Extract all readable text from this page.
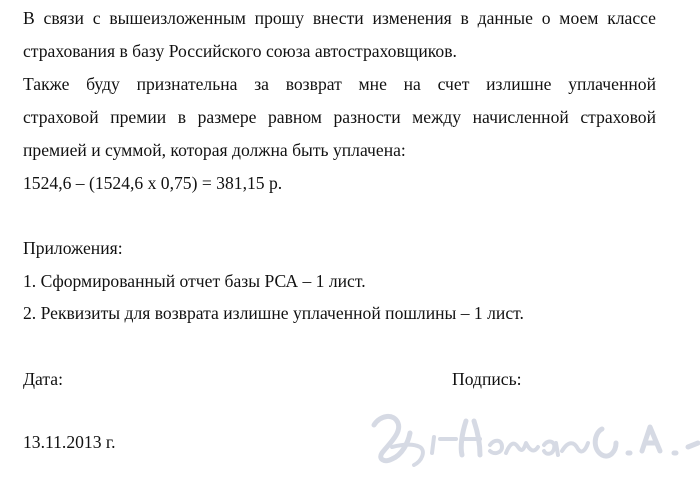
В связи с вышеизложенным прошу внести изменения в данные о моем классе
страхования в базу Российского союза автостраховщиков.
Также буду признательна за возврат мне на счет излишне уплаченной
страховой премии в размере равном разности между начисленной страховой
премией и суммой, которая должна быть уплачена:
1524,6 – (1524,6 х 0,75) = 381,15 р.
Приложения:
1. Сформированный отчет базы РСА – 1 лист.
2. Реквизиты для возврата излишне уплаченной пошлины – 1 лист.
Дата:	Подпись:
13.11.2013 г.
